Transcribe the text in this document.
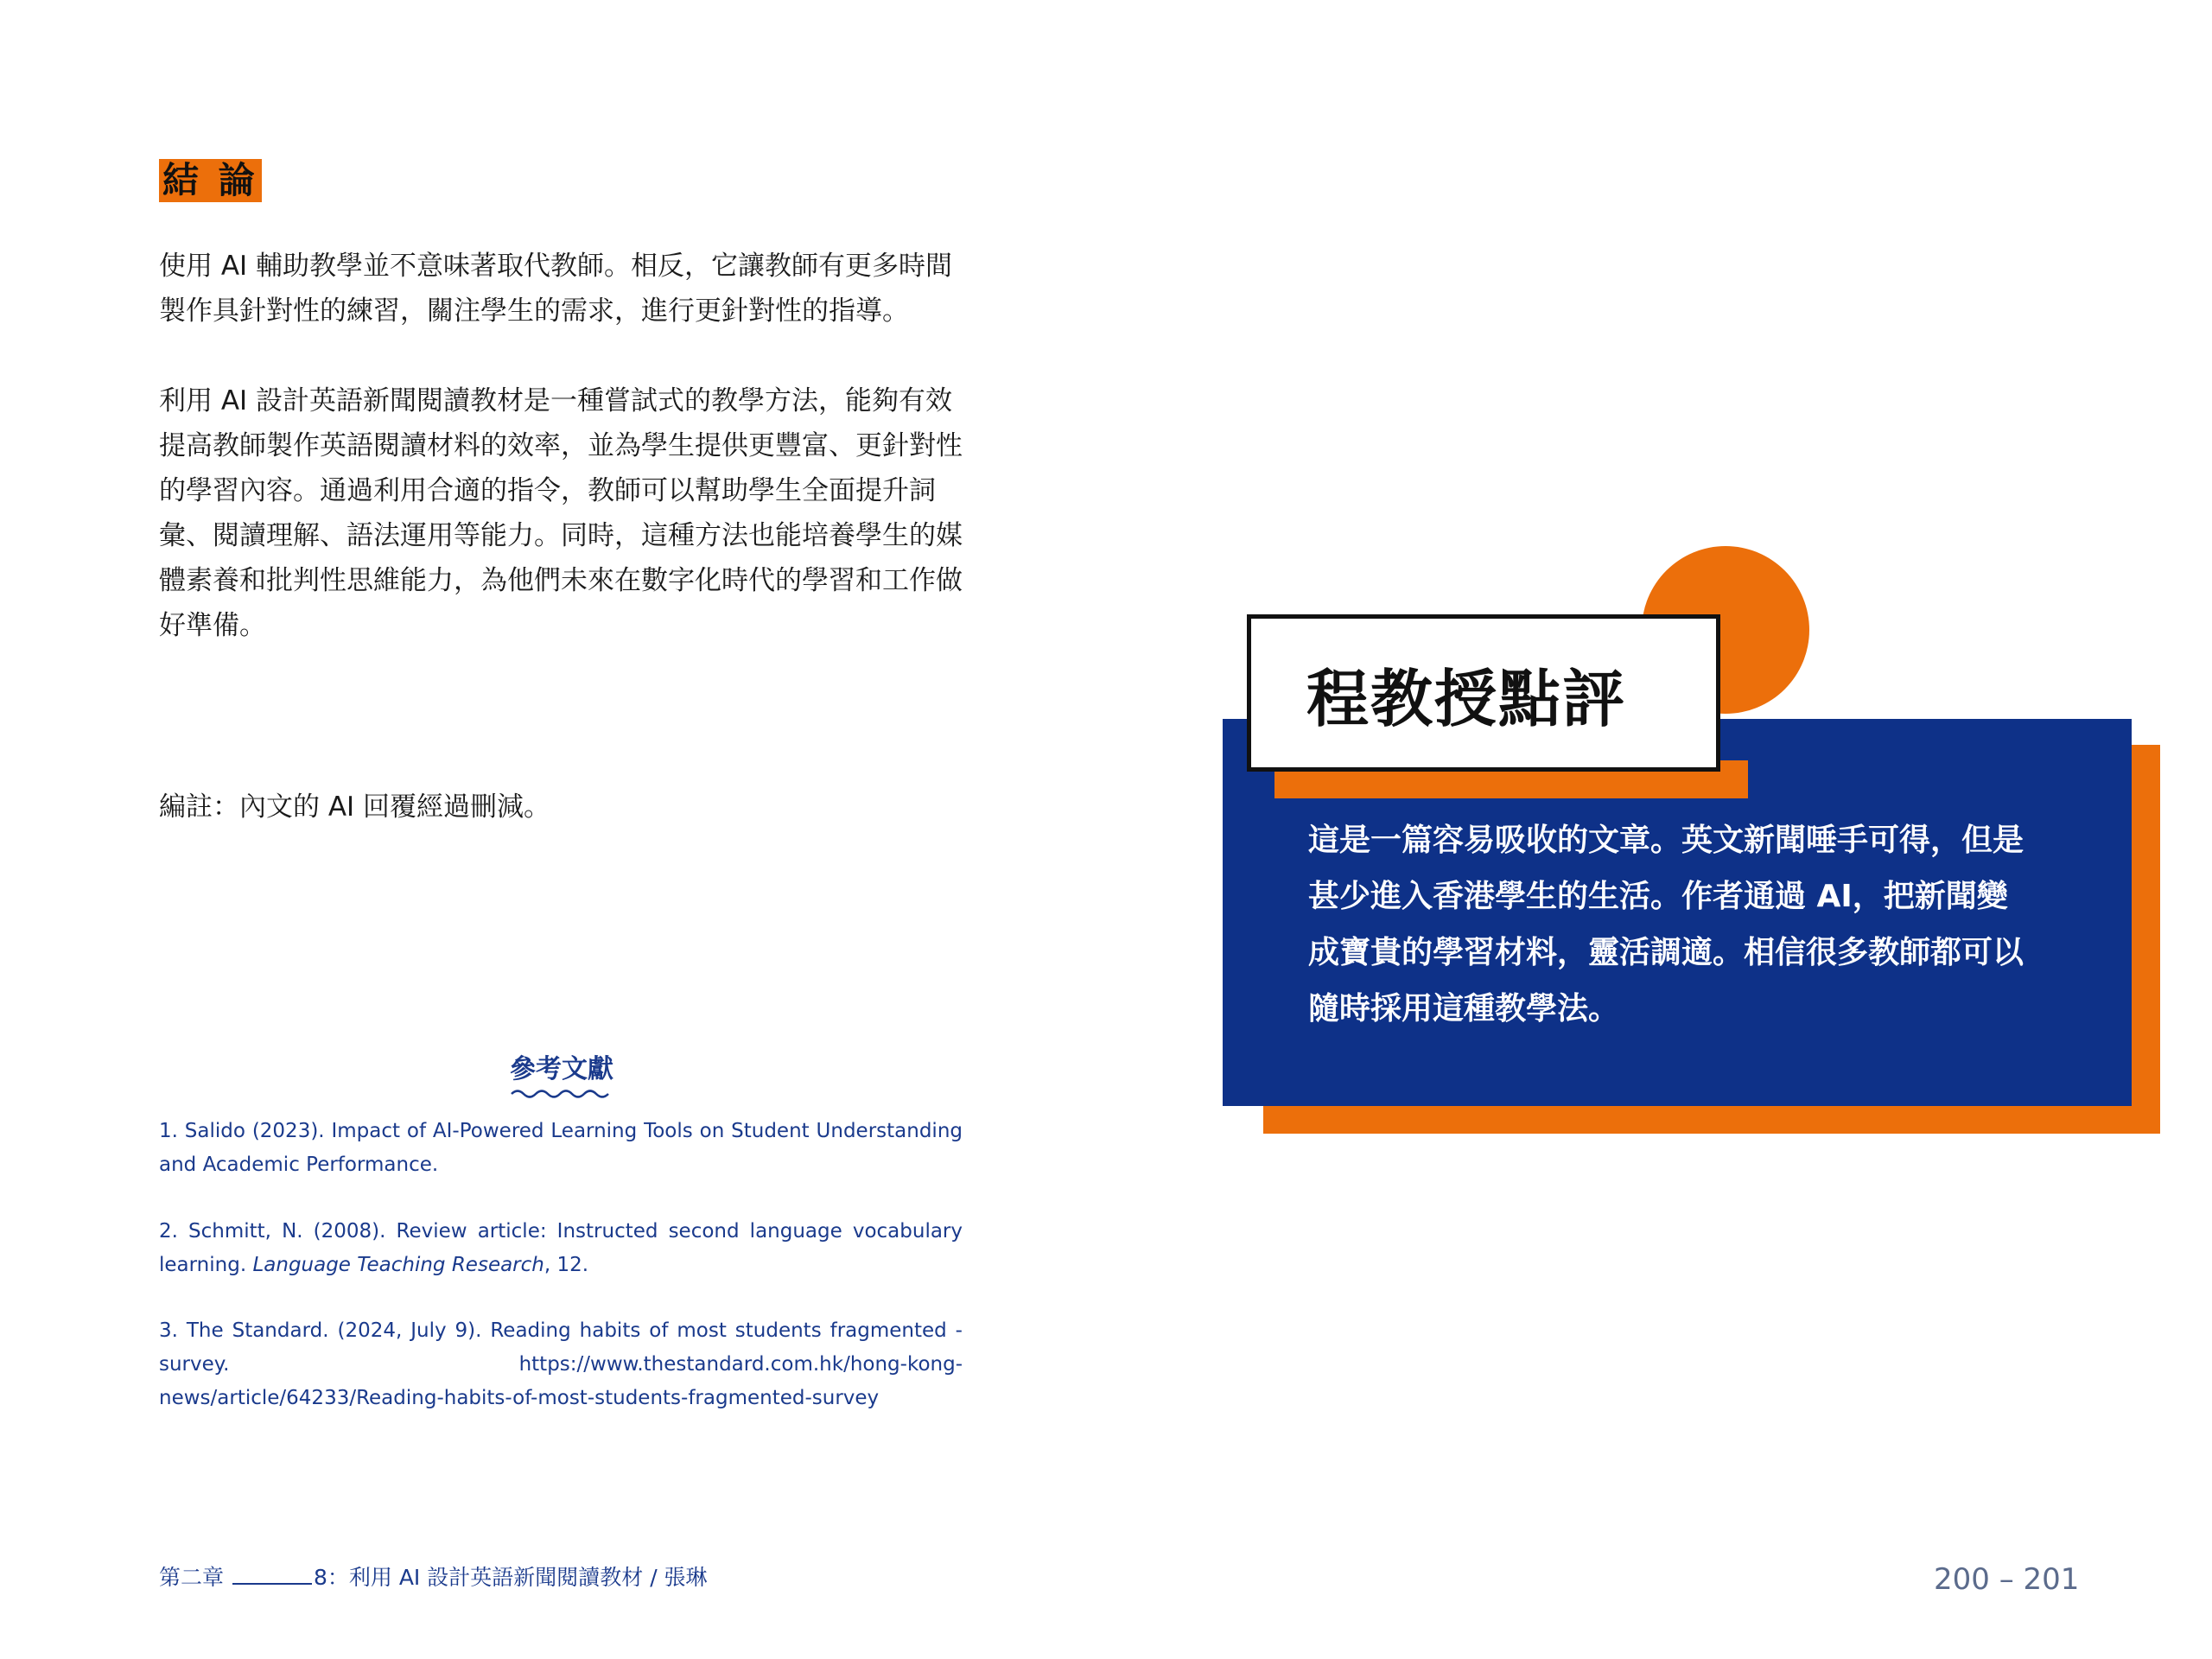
結 論

使用 AI 輔助教學並不意味著取代教師。相反，它讓教師有更多時間製作具針對性的練習，關注學生的需求，進行更針對性的指導。

利用 AI 設計英語新聞閱讀教材是一種嘗試式的教學方法，能夠有效提高教師製作英語閱讀材料的效率，並為學生提供更豐富、更針對性的學習內容。通過利用合適的指令，教師可以幫助學生全面提升詞彙、閱讀理解、語法運用等能力。同時，這種方法也能培養學生的媒體素養和批判性思維能力，為他們未來在數字化時代的學習和工作做好準備。

編註：內文的 AI 回覆經過刪減。

參考文獻

1. Salido (2023). Impact of AI-Powered Learning Tools on Student Understanding and Academic Performance.

2. Schmitt, N. (2008). Review article: Instructed second language vocabulary learning. Language Teaching Research, 12.

3. The Standard. (2024, July 9). Reading habits of most students fragmented - survey. https://www.thestandard.com.hk/hong-kong-news/article/64233/Reading-habits-of-most-students-fragmented-survey

第二章	8：利用 AI 設計英語新聞閱讀教材 / 張琳
程教授點評

這是一篇容易吸收的文章。英文新聞唾手可得，但是甚少進入香港學生的生活。作者通過 AI，把新聞變成寶貴的學習材料，靈活調適。相信很多教師都可以隨時採用這種教學法。

200 – 201
